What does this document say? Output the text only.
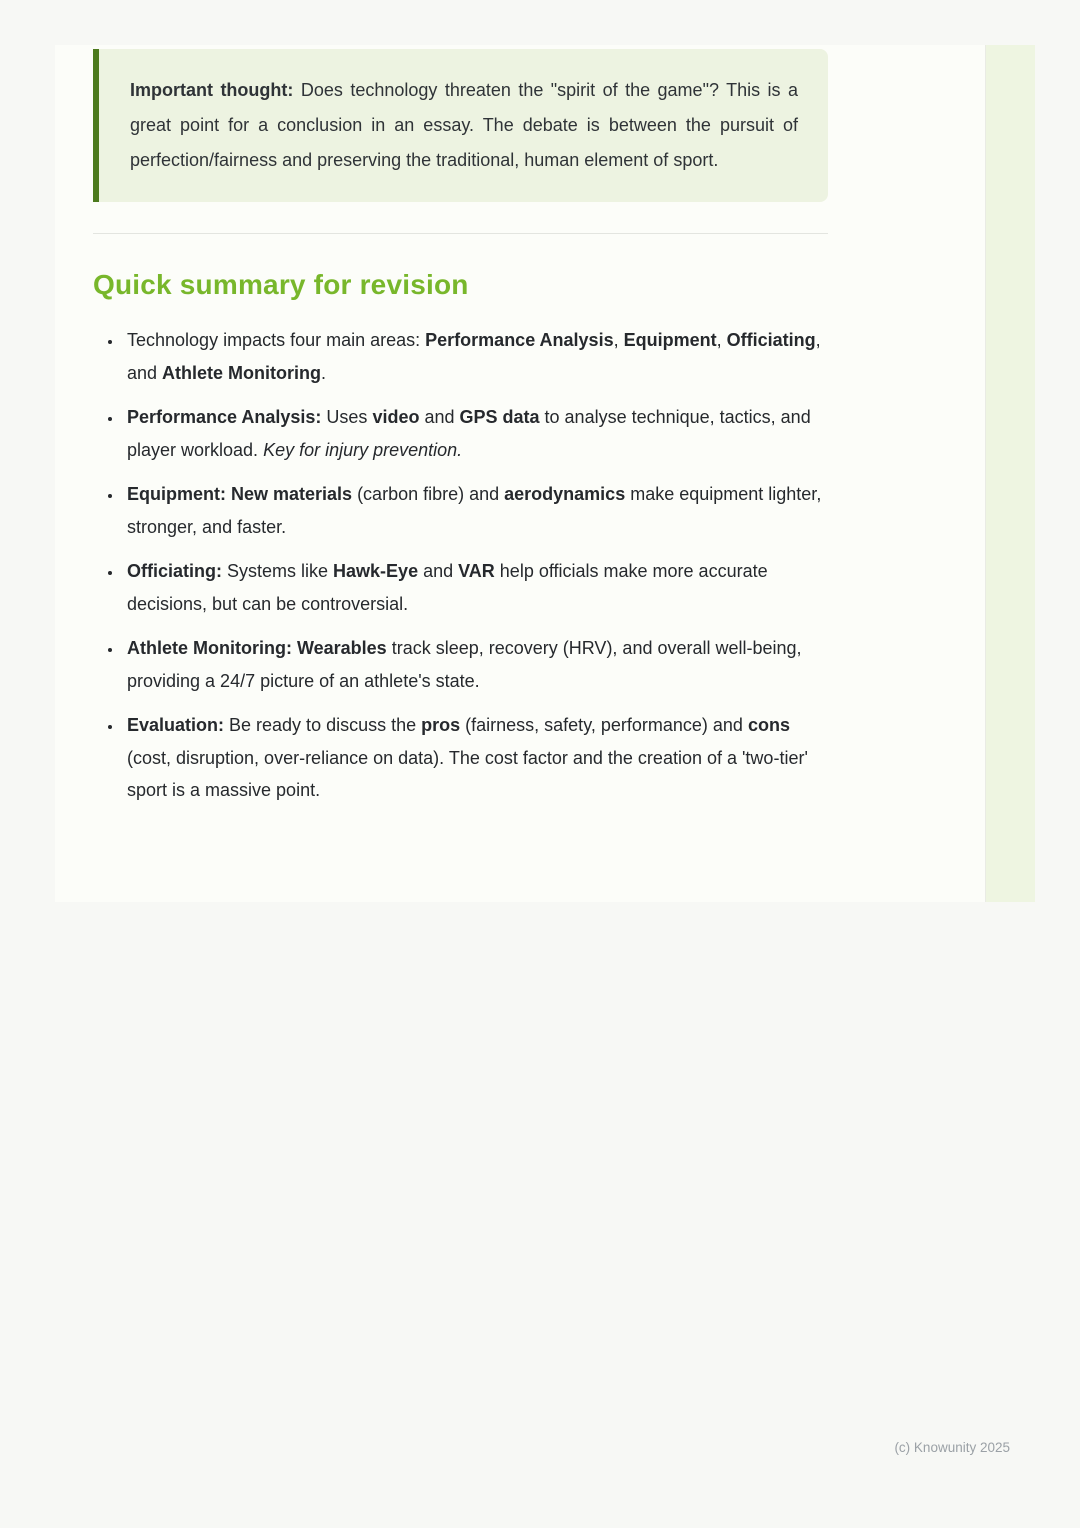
Important thought: Does technology threaten the "spirit of the game"? This is a great point for a conclusion in an essay. The debate is between the pursuit of perfection/fairness and preserving the traditional, human element of sport.

Quick summary for revision
• Technology impacts four main areas: Performance Analysis, Equipment, Officiating, and Athlete Monitoring.
• Performance Analysis: Uses video and GPS data to analyse technique, tactics, and player workload. Key for injury prevention.
• Equipment: New materials (carbon fibre) and aerodynamics make equipment lighter, stronger, and faster.
• Officiating: Systems like Hawk-Eye and VAR help officials make more accurate decisions, but can be controversial.
• Athlete Monitoring: Wearables track sleep, recovery (HRV), and overall well-being, providing a 24/7 picture of an athlete's state.
• Evaluation: Be ready to discuss the pros (fairness, safety, performance) and cons (cost, disruption, over-reliance on data). The cost factor and the creation of a 'two-tier' sport is a massive point.
(c) Knowunity 2025
